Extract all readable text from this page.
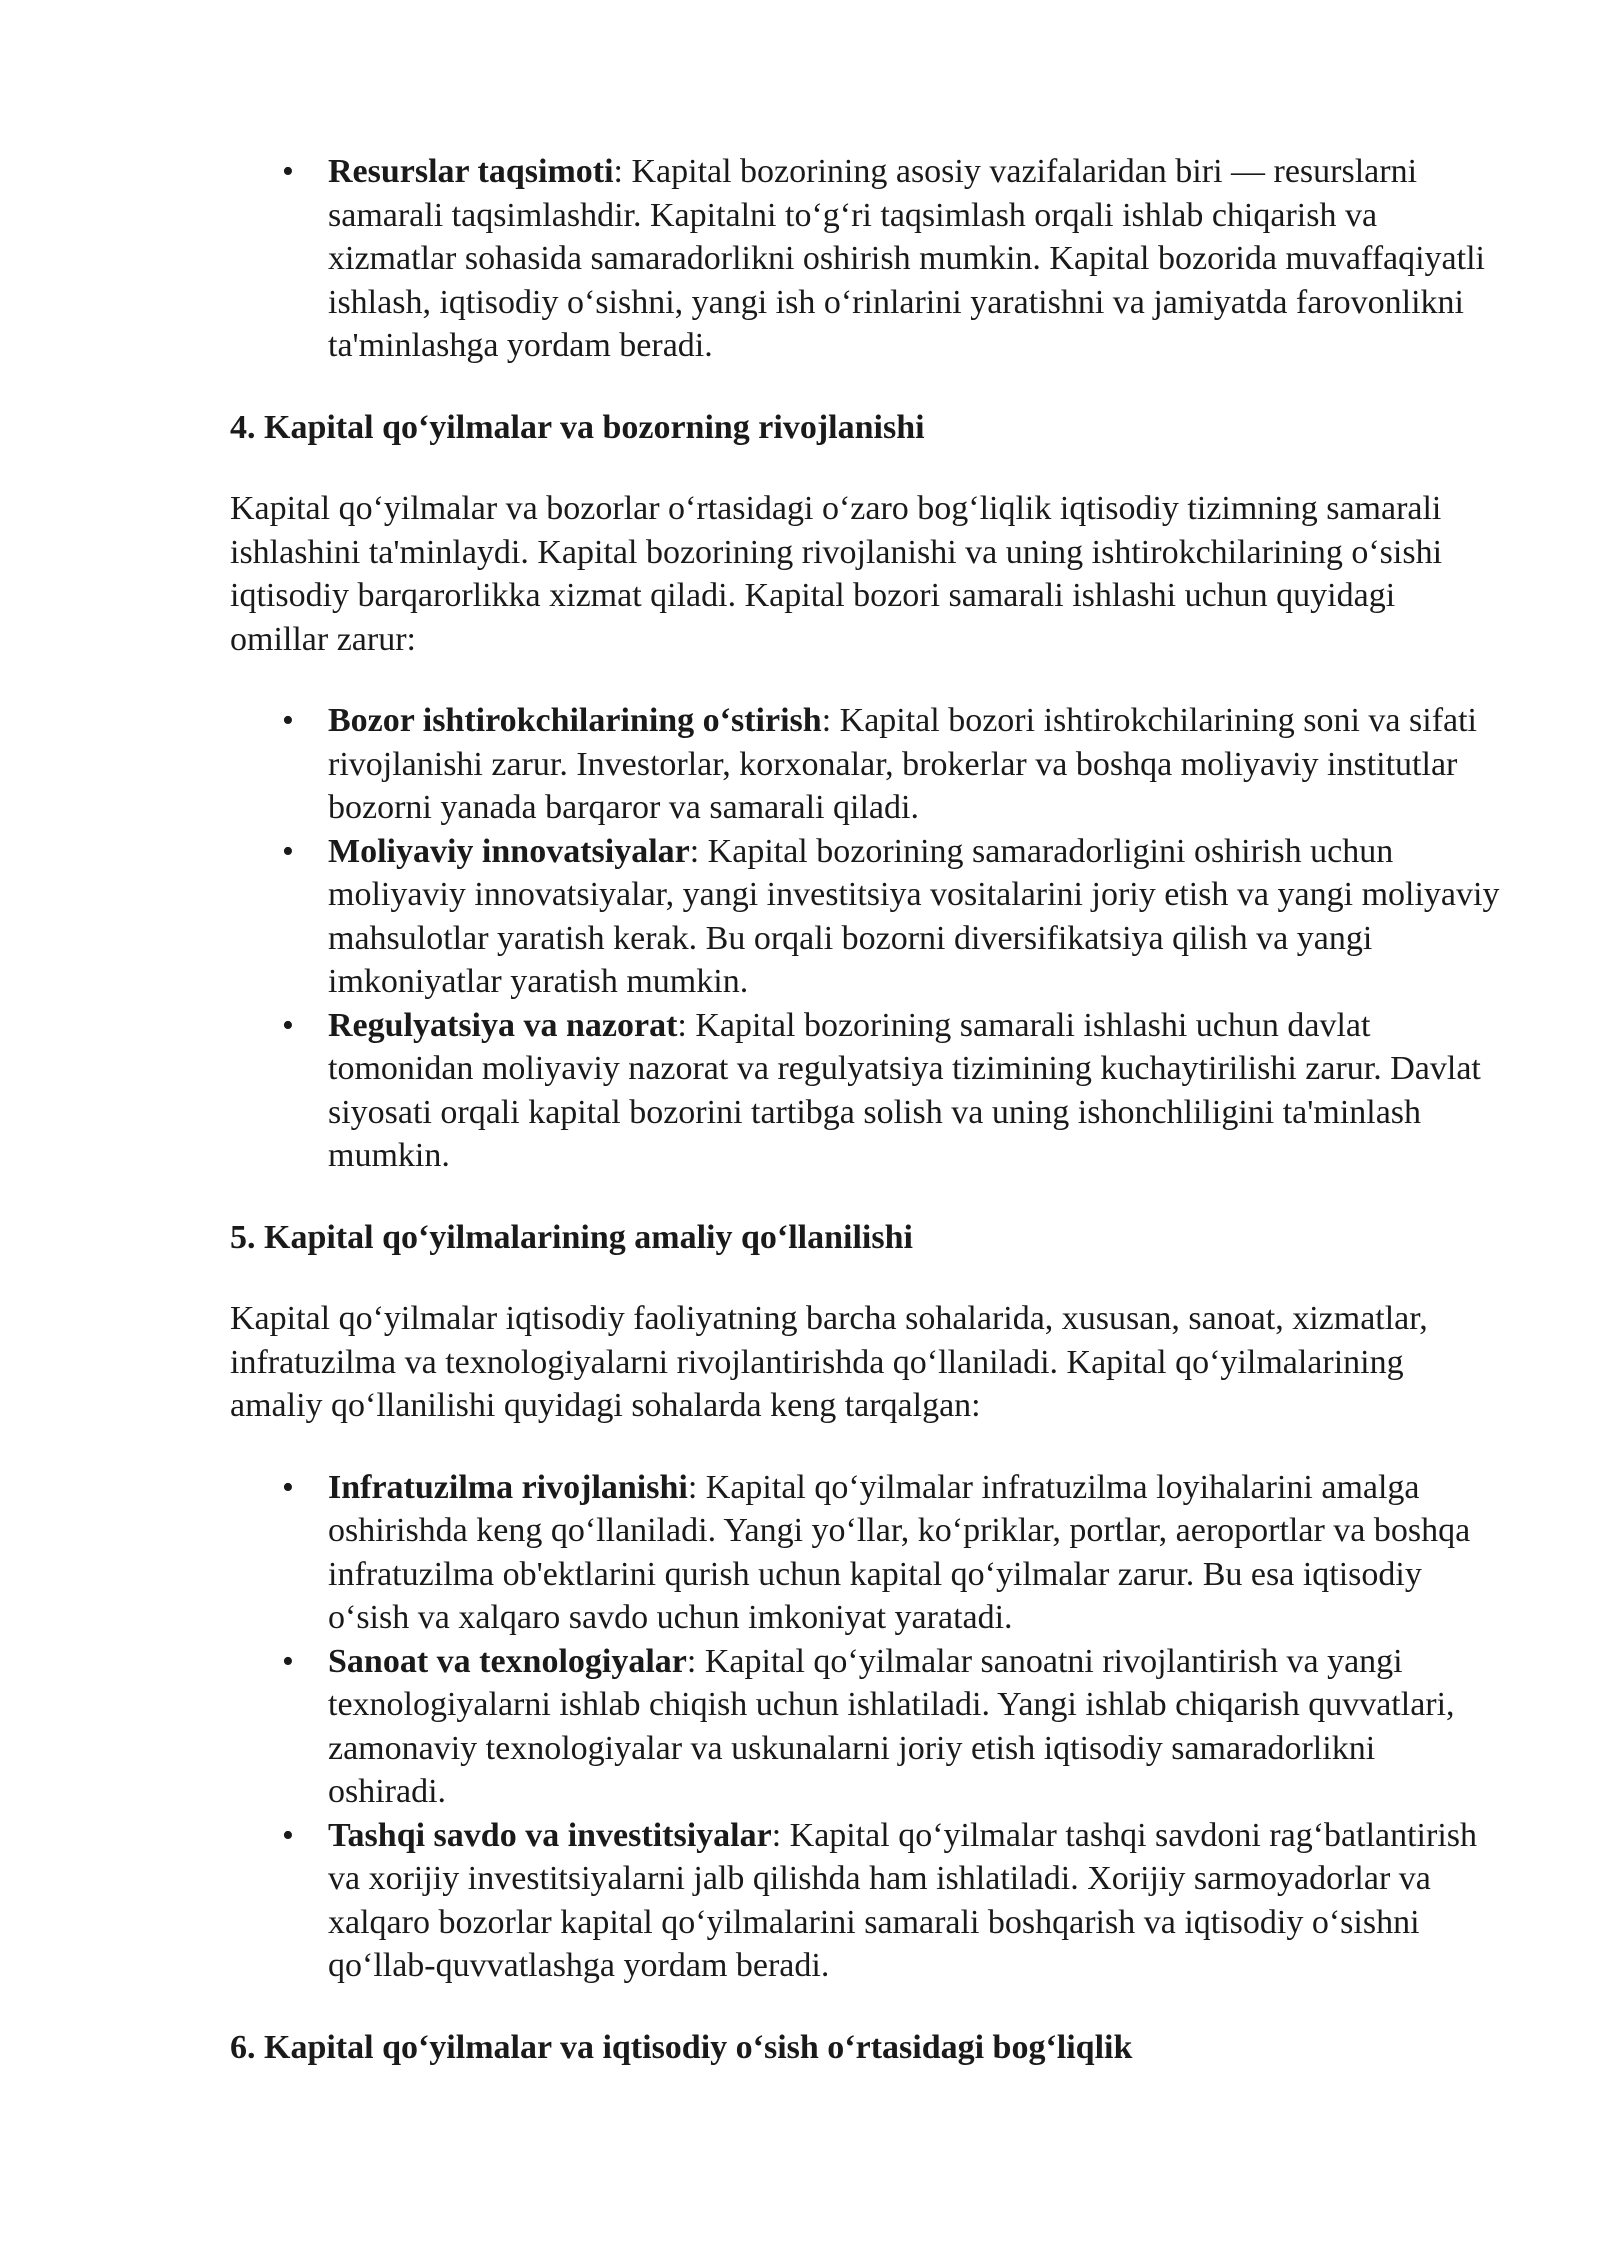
• Resurslar taqsimoti: Kapital bozorining asosiy vazifalaridan biri — resurslarni samarali taqsimlashdir. Kapitalni to‘g‘ri taqsimlash orqali ishlab chiqarish va xizmatlar sohasida samaradorlikni oshirish mumkin. Kapital bozorida muvaffaqiyatli ishlash, iqtisodiy o‘sishni, yangi ish o‘rinlarini yaratishni va jamiyatda farovonlikni ta'minlashga yordam beradi.
4. Kapital qo‘yilmalar va bozorning rivojlanishi

Kapital qo‘yilmalar va bozorlar o‘rtasidagi o‘zaro bog‘liqlik iqtisodiy tizimning samarali ishlashini ta'minlaydi. Kapital bozorining rivojlanishi va uning ishtirokchilarining o‘sishi iqtisodiy barqarorlikka xizmat qiladi. Kapital bozori samarali ishlashi uchun quyidagi omillar zarur:

• Bozor ishtirokchilarining o‘stirish: Kapital bozori ishtirokchilarining soni va sifati rivojlanishi zarur. Investorlar, korxonalar, brokerlar va boshqa moliyaviy institutlar bozorni yanada barqaror va samarali qiladi.
• Moliyaviy innovatsiyalar: Kapital bozorining samaradorligini oshirish uchun moliyaviy innovatsiyalar, yangi investitsiya vositalarini joriy etish va yangi moliyaviy mahsulotlar yaratish kerak. Bu orqali bozorni diversifikatsiya qilish va yangi imkoniyatlar yaratish mumkin.
• Regulyatsiya va nazorat: Kapital bozorining samarali ishlashi uchun davlat tomonidan moliyaviy nazorat va regulyatsiya tizimining kuchaytirilishi zarur. Davlat siyosati orqali kapital bozorini tartibga solish va uning ishonchliligini ta'minlash mumkin.
5. Kapital qo‘yilmalarining amaliy qo‘llanilishi

Kapital qo‘yilmalar iqtisodiy faoliyatning barcha sohalarida, xususan, sanoat, xizmatlar, infratuzilma va texnologiyalarni rivojlantirishda qo‘llaniladi. Kapital qo‘yilmalarining amaliy qo‘llanilishi quyidagi sohalarda keng tarqalgan:

• Infratuzilma rivojlanishi: Kapital qo‘yilmalar infratuzilma loyihalarini amalga oshirishda keng qo‘llaniladi. Yangi yo‘llar, ko‘priklar, portlar, aeroportlar va boshqa infratuzilma ob'ektlarini qurish uchun kapital qo‘yilmalar zarur. Bu esa iqtisodiy o‘sish va xalqaro savdo uchun imkoniyat yaratadi.
• Sanoat va texnologiyalar: Kapital qo‘yilmalar sanoatni rivojlantirish va yangi texnologiyalarni ishlab chiqish uchun ishlatiladi. Yangi ishlab chiqarish quvvatlari, zamonaviy texnologiyalar va uskunalarni joriy etish iqtisodiy samaradorlikni oshiradi.
• Tashqi savdo va investitsiyalar: Kapital qo‘yilmalar tashqi savdoni rag‘batlantirish va xorijiy investitsiyalarni jalb qilishda ham ishlatiladi. Xorijiy sarmoyadorlar va xalqaro bozorlar kapital qo‘yilmalarini samarali boshqarish va iqtisodiy o‘sishni qo‘llab-quvvatlashga yordam beradi.
6. Kapital qo‘yilmalar va iqtisodiy o‘sish o‘rtasidagi bog‘liqlik
